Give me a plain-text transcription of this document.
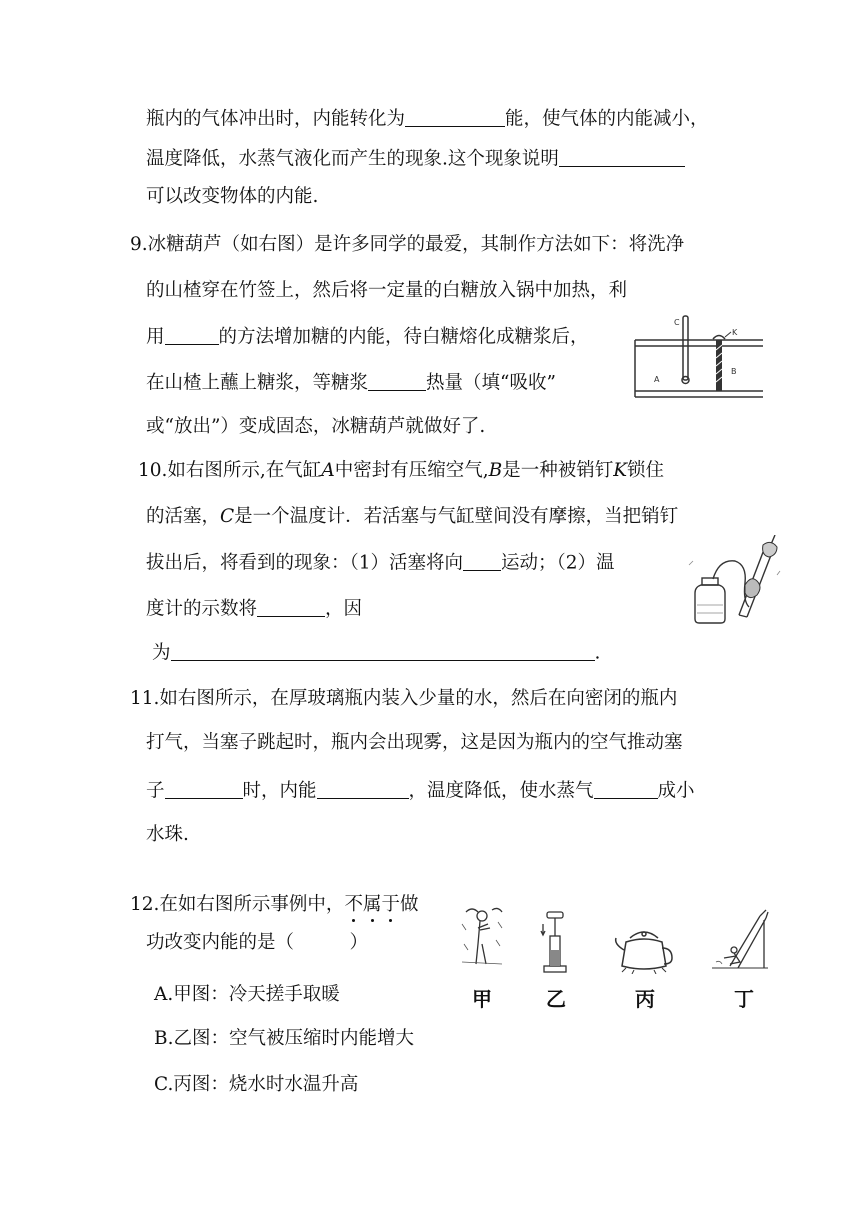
瓶内的气体冲出时，内能转化为	能，使气体的内能减小，
温度降低，水蒸气液化而产生的现象.这个现象说明
可以改变物体的内能.
9.冰糖葫芦（如右图）是许多同学的最爱，其制作方法如下：将洗净
的山楂穿在竹签上，然后将一定量的白糖放入锅中加热，利
用	的方法增加糖的内能，待白糖熔化成糖浆后，
在山楂上蘸上糖浆，等糖浆	热量（填“吸收”
或“放出”）变成固态，冰糖葫芦就做好了.
C
K
A
B
10.如右图所示,在气缸A中密封有压缩空气,B是一种被销钉K锁住
的活塞，C是一个温度计．若活塞与气缸壁间没有摩擦，当把销钉
拔出后，将看到的现象：（1）活塞将向 运动；（2）温
度计的示数将	，因
为	.
11.如右图所示，在厚玻璃瓶内装入少量的水，然后在向密闭的瓶内
打气，当塞子跳起时，瓶内会出现雾，这是因为瓶内的空气推动塞
子	时，内能	，温度降低，使水蒸气	成小
水珠.
12.在如右图所示事例中，不属于做
功改变内能的是（　　　）
A.甲图：冷天搓手取暖
B.乙图：空气被压缩时内能增大
C.丙图：烧水时水温升高
甲	乙	丙	丁
